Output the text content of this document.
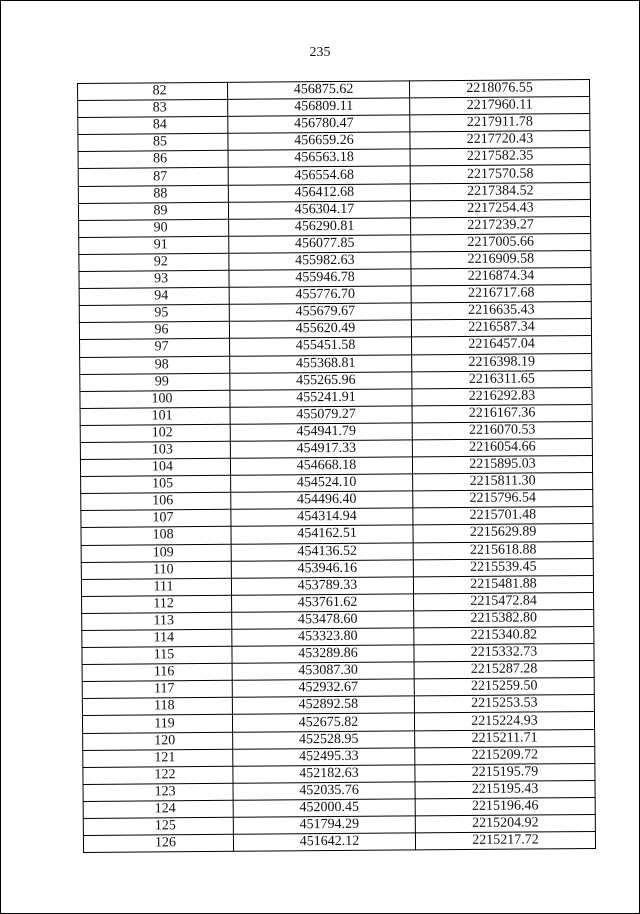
235
82	456875.62	2218076.55
83	456809.11	2217960.11
84	456780.47	2217911.78
85	456659.26	2217720.43
86	456563.18	2217582.35
87	456554.68	2217570.58
88	456412.68	2217384.52
89	456304.17	2217254.43
90	456290.81	2217239.27
91	456077.85	2217005.66
92	455982.63	2216909.58
93	455946.78	2216874.34
94	455776.70	2216717.68
95	455679.67	2216635.43
96	455620.49	2216587.34
97	455451.58	2216457.04
98	455368.81	2216398.19
99	455265.96	2216311.65
100	455241.91	2216292.83
101	455079.27	2216167.36
102	454941.79	2216070.53
103	454917.33	2216054.66
104	454668.18	2215895.03
105	454524.10	2215811.30
106	454496.40	2215796.54
107	454314.94	2215701.48
108	454162.51	2215629.89
109	454136.52	2215618.88
110	453946.16	2215539.45
111	453789.33	2215481.88
112	453761.62	2215472.84
113	453478.60	2215382.80
114	453323.80	2215340.82
115	453289.86	2215332.73
116	453087.30	2215287.28
117	452932.67	2215259.50
118	452892.58	2215253.53
119	452675.82	2215224.93
120	452528.95	2215211.71
121	452495.33	2215209.72
122	452182.63	2215195.79
123	452035.76	2215195.43
124	452000.45	2215196.46
125	451794.29	2215204.92
126	451642.12	2215217.72
